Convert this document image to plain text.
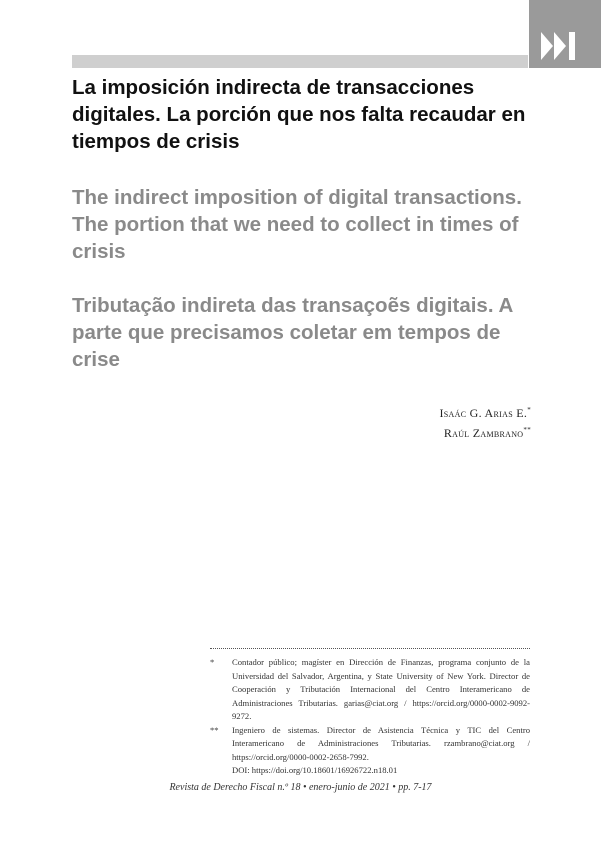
La imposición indirecta de transacciones digitales. La porción que nos falta recaudar en tiempos de crisis
The indirect imposition of digital transactions. The portion that we need to collect in times of crisis
Tributação indireta das transaçoẽs digitais. A parte que precisamos coletar em tempos de crise
Isaác G. Arias E.*
Raúl Zambrano**
*	Contador público; magíster en Dirección de Finanzas, programa conjunto de la Universidad del Salvador, Argentina, y State University of New York. Director de Cooperación y Tributación Internacional del Centro Interamericano de Administraciones Tributarias. garias@ciat.org / https://orcid.org/0000-0002-9092-9272.
**	Ingeniero de sistemas. Director de Asistencia Técnica y TIC del Centro Interamericano de Administraciones Tributarias. rzambrano@ciat.org / https://orcid.org/0000-0002-2658-7992.
DOI: https://doi.org/10.18601/16926722.n18.01
Revista de Derecho Fiscal n.º 18 • enero-junio de 2021 • pp. 7-17
